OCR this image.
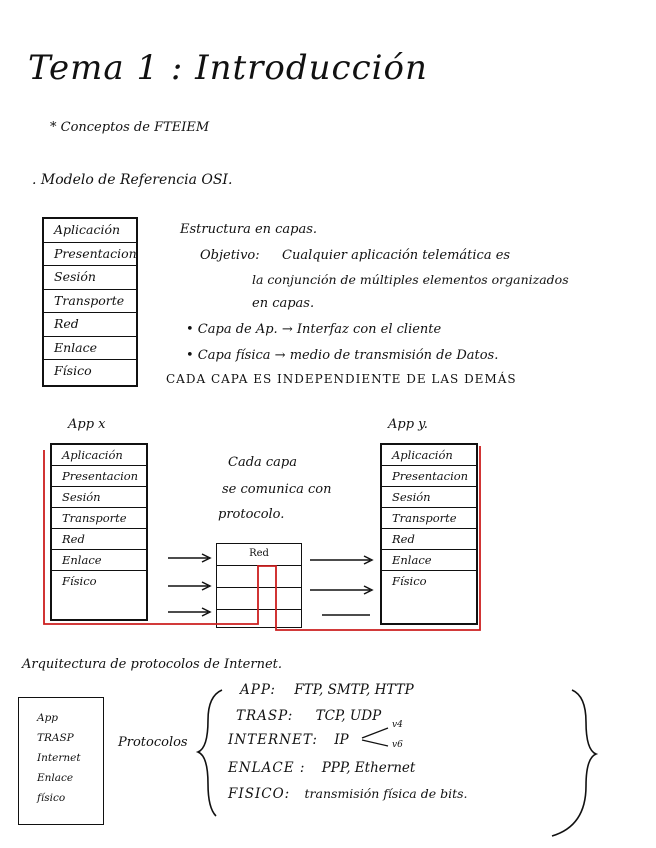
Tema 1 : Introducción
* Conceptos de FTEIEM
. Modelo de Referencia OSI.
Aplicación
Presentacion
Sesión
Transporte
Red
Enlace
Físico
Estructura en capas.
Objetivo: Cualquier aplicación telemática es
la conjunción de múltiples elementos organizados
en capas.
• Capa de Ap. → Interfaz con el cliente
• Capa física → medio de transmisión de Datos.
CADA CAPA ES INDEPENDIENTE DE LAS DEMÁS
App x	App y.
Aplicación
Presentacion
Sesión
Transporte
Red
Enlace
Físico
Aplicación
Presentacion
Sesión
Transporte
Red
Enlace
Físico
Cada capa
se comunica con
protocolo.
Red
Arquitectura de protocolos de Internet.
App
TRASP
Internet
Enlace
físico
Protocolos
APP: FTP, SMTP, HTTP
TRASP: TCP, UDP
INTERNET: IP
v4
v6
ENLACE : PPP, Ethernet
FISICO: transmisión física de bits.
